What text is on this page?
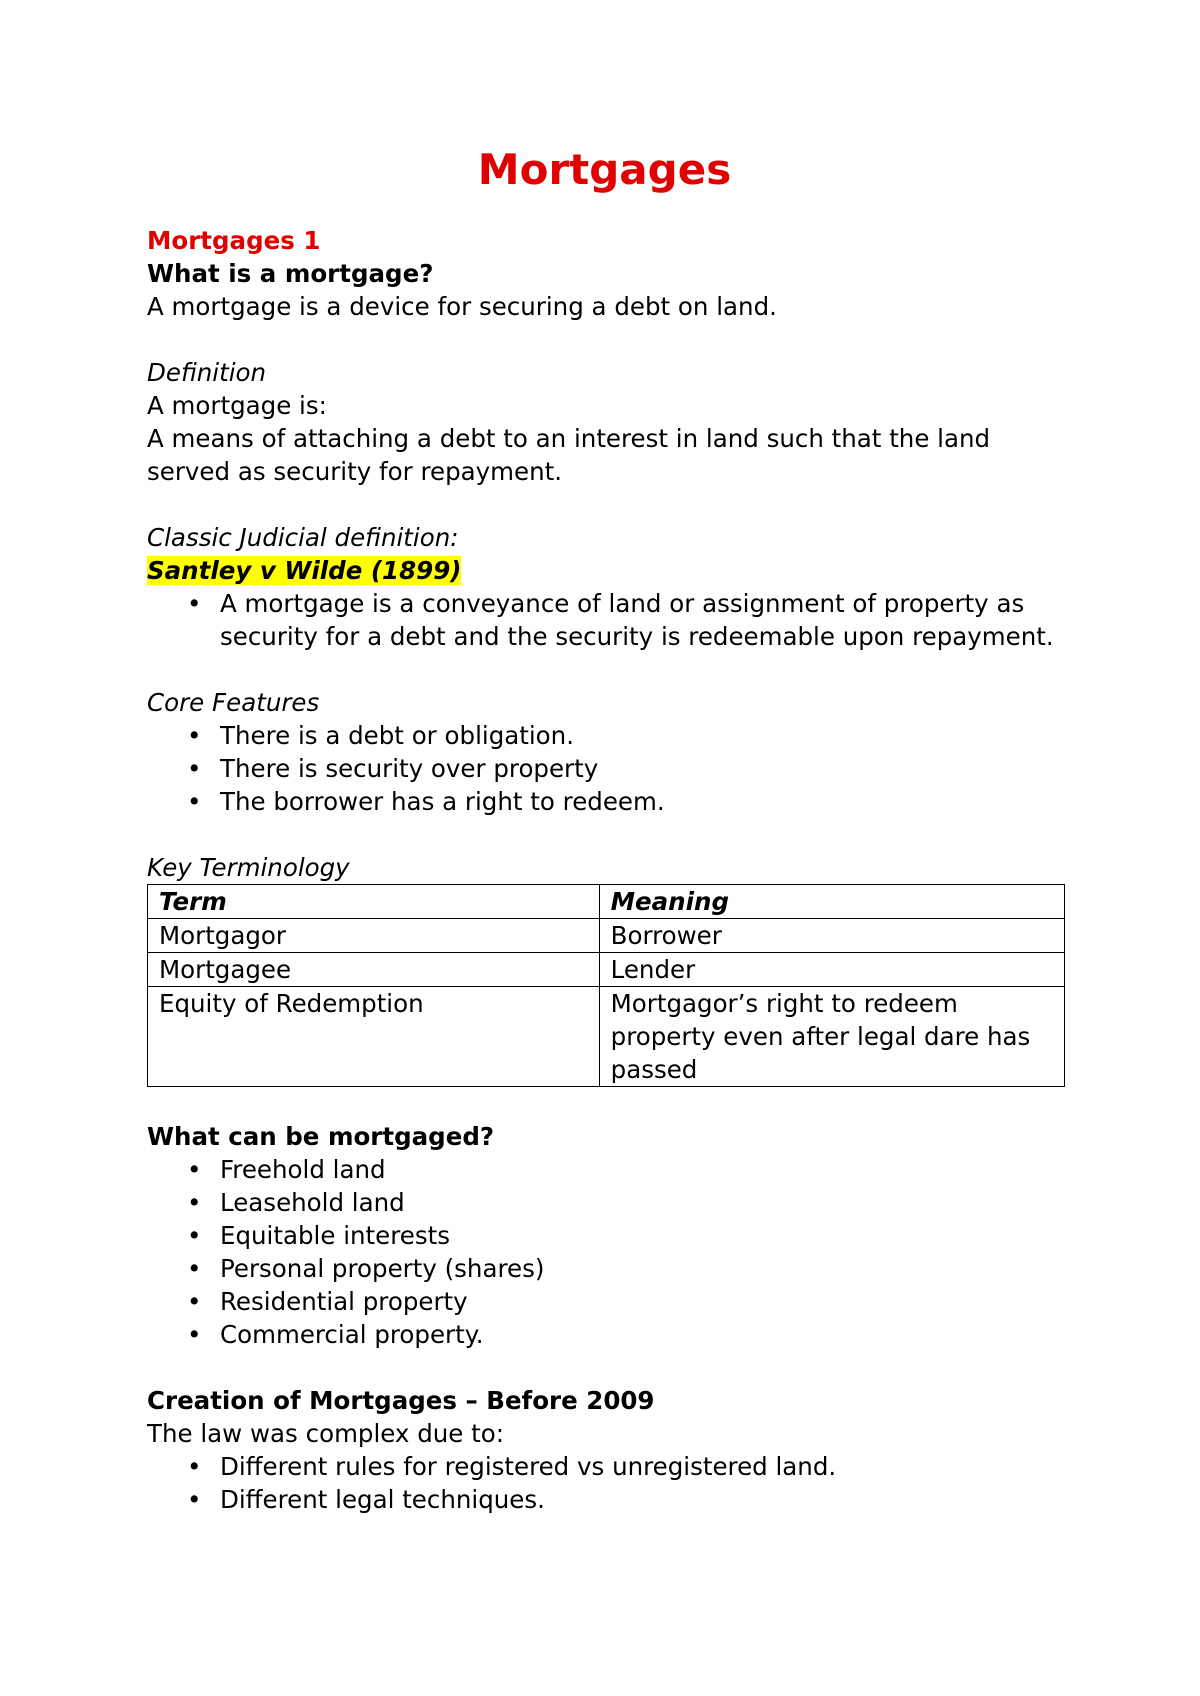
Mortgages

Mortgages 1

What is a mortgage?

A mortgage is a device for securing a debt on land.

Definition

A mortgage is:

A means of attaching a debt to an interest in land such that the land served as security for repayment.

Classic Judicial definition:

Santley v Wilde (1899)

• A mortgage is a conveyance of land or assignment of property as security for a debt and the security is redeemable upon repayment.

Core Features

• There is a debt or obligation.
• There is security over property
• The borrower has a right to redeem.

Key Terminology

Term	Meaning
Mortgagor	Borrower
Mortgagee	Lender
Equity of Redemption	Mortgagor’s right to redeem property even after legal dare has passed

What can be mortgaged?

• Freehold land
• Leasehold land
• Equitable interests
• Personal property (shares)
• Residential property
• Commercial property.

Creation of Mortgages – Before 2009

The law was complex due to:

• Different rules for registered vs unregistered land.
• Different legal techniques.
